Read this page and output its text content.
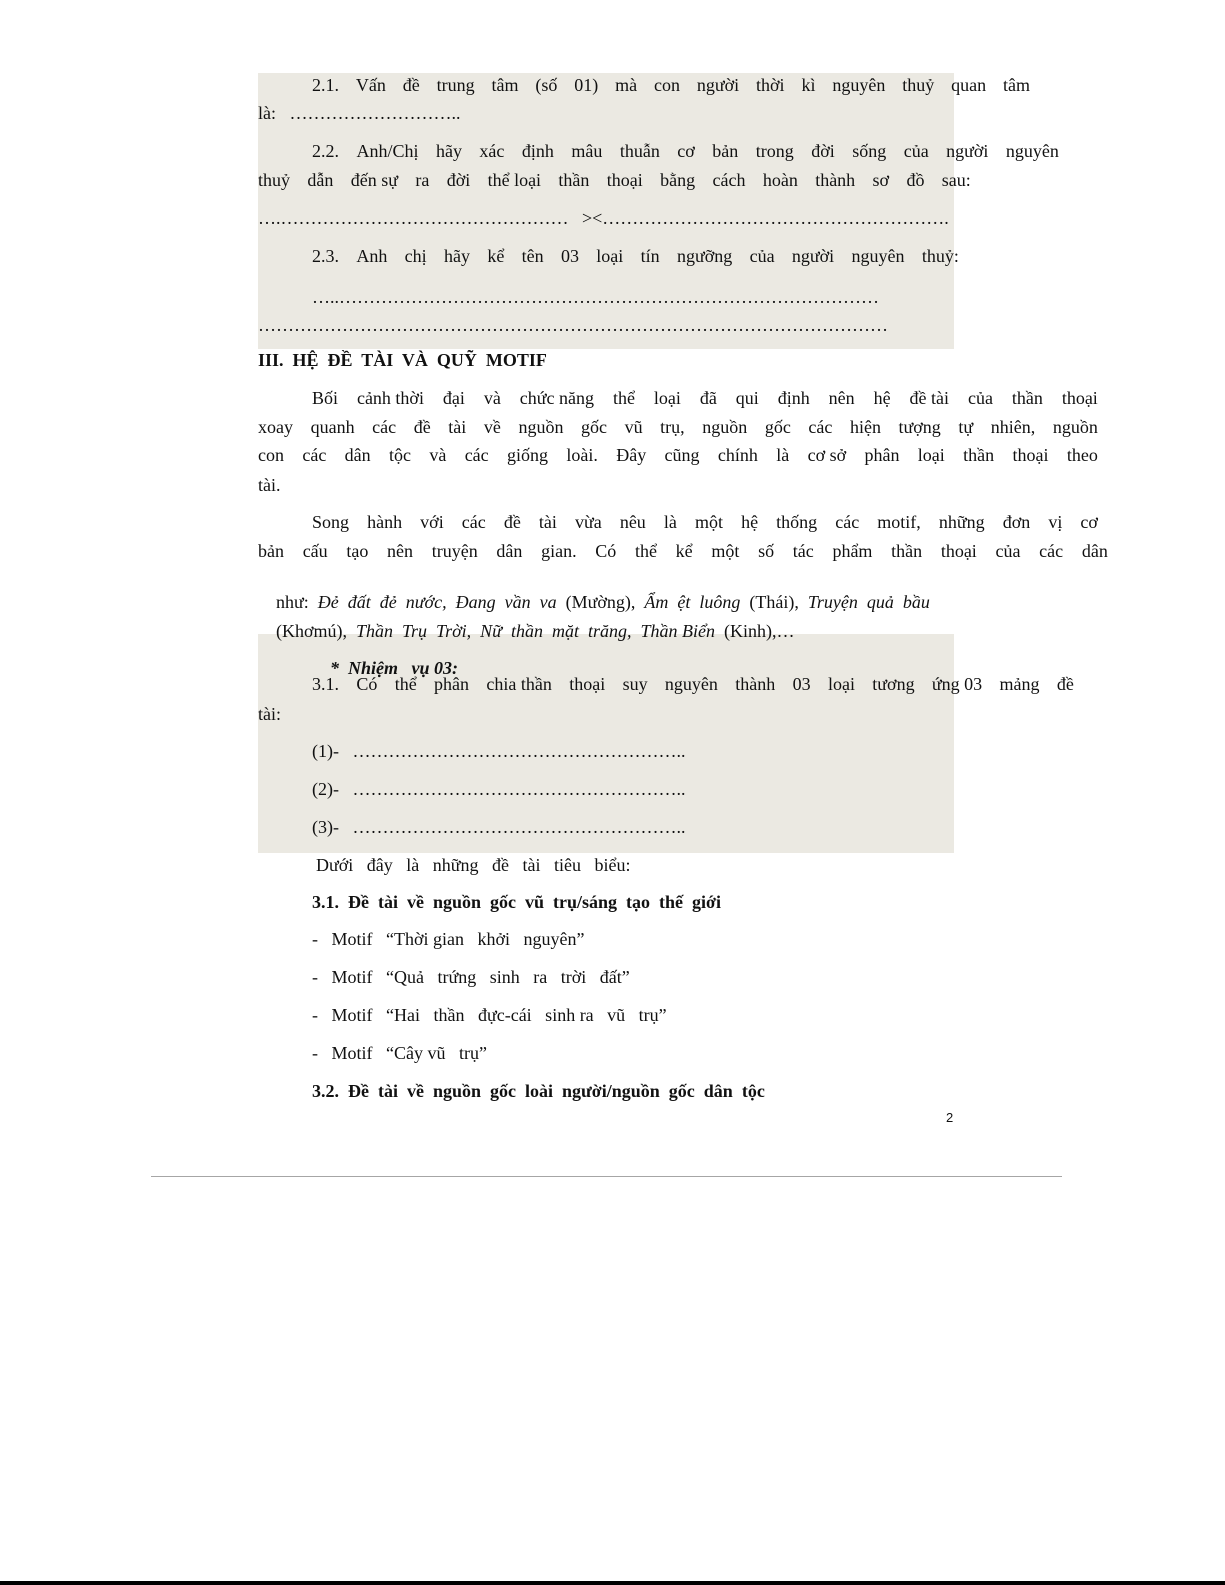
2.1. Vấn đề trung tâm (số 01) mà con người thời kì nguyên thuỷ quan tâm
là:   ………………………..
2.2. Anh/Chị hãy xác định mâu thuẫn cơ bản trong đời sống của người nguyên
thuỷ dẫn đến sự ra đời thể loại thần thoại bằng cách hoàn thành sơ đồ sau:
….…………………………………………   ><………………………………………………….
2.3. Anh chị hãy kể tên 03 loại tín ngưỡng của người nguyên thuỷ:
…..………………………………………………………………………………
……………………………………………………………………………………………
III.  HỆ  ĐỀ  TÀI  VÀ  QUỸ  MOTIF
Bối cảnh thời đại và chức năng thể loại đã qui định nên hệ đề tài của thần thoại
xoay quanh các đề tài về nguồn gốc vũ trụ, nguồn gốc các hiện tượng tự nhiên, nguồn
con các dân tộc và các giống loài. Đây cũng chính là cơ sở phân loại thần thoại theo
tài.
Song hành với các đề tài vừa nêu là một hệ thống các motif, những đơn vị cơ
bản cấu tạo nên truyện dân gian. Có thể kể một số tác phẩm thần thoại của các dân

như:  Đẻ  đất  đẻ  nước,  Đang  vần  va  (Mường),  Ẩm  ệt  luông  (Thái),  Truyện  quả  bầu

(Khơmú),  Thần  Trụ  Trời,  Nữ  thần  mặt  trăng,  Thần Biển  (Kinh),…

*  Nhiệm   vụ 03:

3.1. Có thể phân chia thần thoại suy nguyên thành 03 loại tương ứng 03 mảng đề
tài:
(1)-   ………………………………………………..
(2)-   ………………………………………………..
(3)-   ………………………………………………..
Dưới   đây   là   những   đề   tài   tiêu   biểu:
3.1.  Đề  tài  về  nguồn  gốc  vũ  trụ/sáng  tạo  thế  giới
-   Motif   “Thời gian   khởi   nguyên”
-   Motif   “Quả   trứng   sinh   ra   trời   đất”
-   Motif   “Hai   thần   đực-cái   sinh ra   vũ   trụ”
-   Motif   “Cây vũ   trụ”
3.2.  Đề  tài  về  nguồn  gốc  loài  người/nguồn  gốc  dân  tộc
2
